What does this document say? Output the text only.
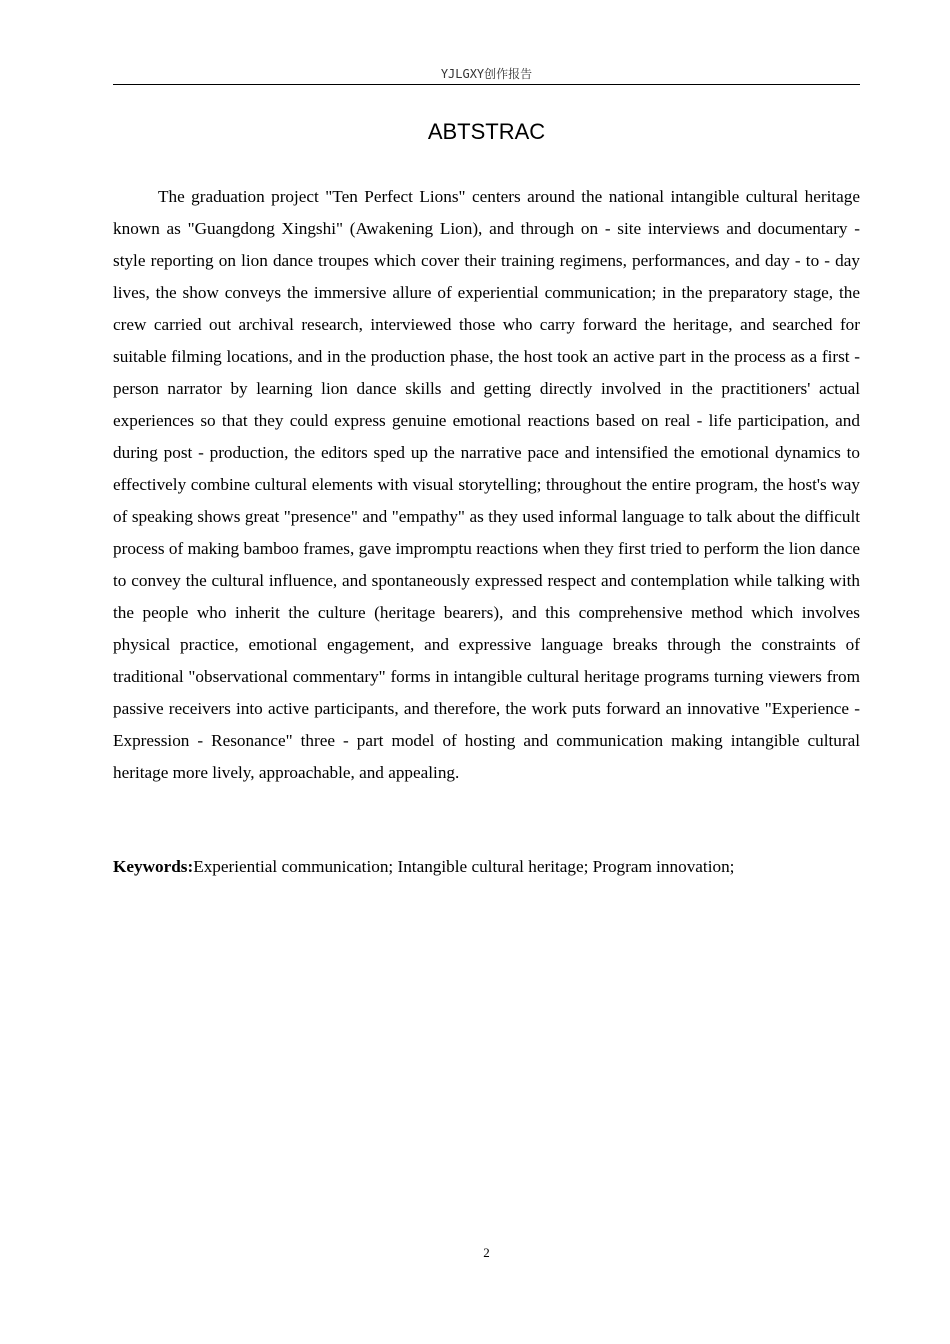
YJLGXY创作报告
ABTSTRAC

The graduation project "Ten Perfect Lions" centers around the national intangible cultural heritage known as "Guangdong Xingshi" (Awakening Lion), and through on - site interviews and documentary - style reporting on lion dance troupes which cover their training regimens, performances, and day - to - day lives, the show conveys the immersive allure of experiential communication; in the preparatory stage, the crew carried out archival research, interviewed those who carry forward the heritage, and searched for suitable filming locations, and in the production phase, the host took an active part in the process as a first - person narrator by learning lion dance skills and getting directly involved in the practitioners' actual experiences so that they could express genuine emotional reactions based on real - life participation, and during post - production, the editors sped up the narrative pace and intensified the emotional dynamics to effectively combine cultural elements with visual storytelling; throughout the entire program, the host's way of speaking shows great "presence" and "empathy" as they used informal language to talk about the difficult process of making bamboo frames, gave impromptu reactions when they first tried to perform the lion dance to convey the cultural influence, and spontaneously expressed respect and contemplation while talking with the people who inherit the culture (heritage bearers), and this comprehensive method which involves physical practice, emotional engagement, and expressive language breaks through the constraints of traditional "observational commentary" forms in intangible cultural heritage programs turning viewers from passive receivers into active participants, and therefore, the work puts forward an innovative "Experience - Expression - Resonance" three - part model of hosting and communication making intangible cultural heritage more lively, approachable, and appealing.

Keywords:Experiential communication; Intangible cultural heritage; Program innovation;

2
